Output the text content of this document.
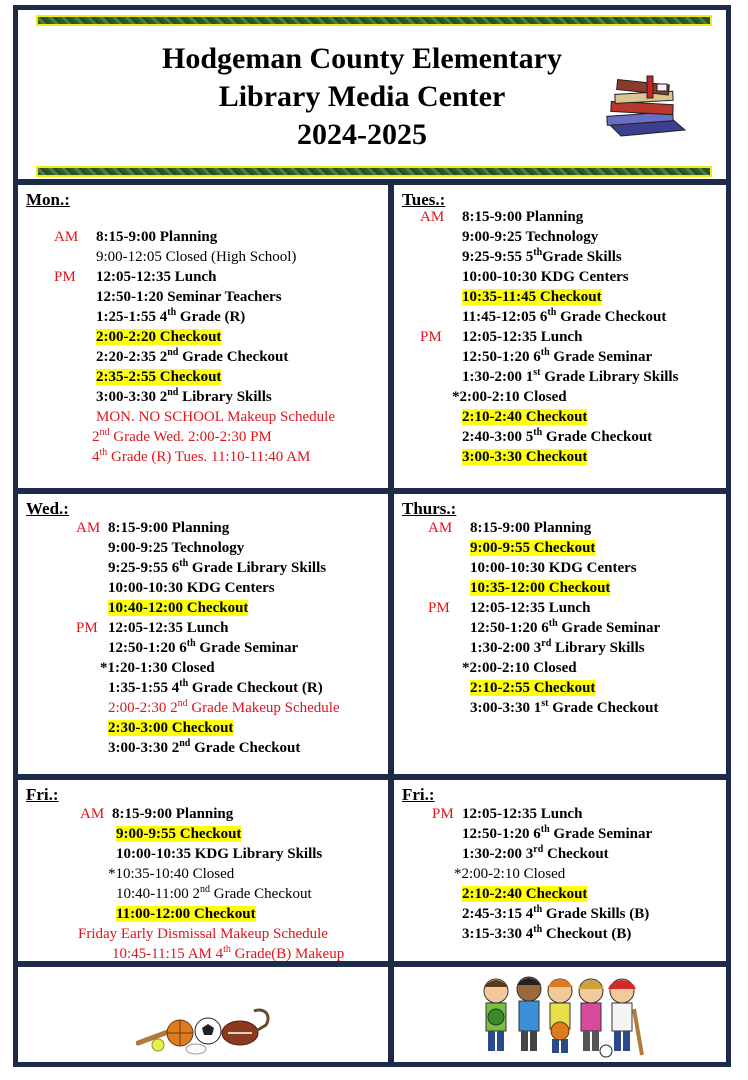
Hodgeman County Elementary
Library Media Center
2024-2025
Mon.:
AM 8:15-9:00 Planning
9:00-12:05 Closed (High School)
PM 12:05-12:35 Lunch
12:50-1:20 Seminar Teachers
1:25-1:55 4th Grade (R)
2:00-2:20 Checkout
2:20-2:35 2nd Grade Checkout
2:35-2:55 Checkout
3:00-3:30 2nd Library Skills
MON. NO SCHOOL Makeup Schedule
2nd Grade Wed. 2:00-2:30 PM
4th Grade (R) Tues. 11:10-11:40 AM
Tues.:
AM 8:15-9:00 Planning
9:00-9:25 Technology
9:25-9:55 5thGrade Skills
10:00-10:30 KDG Centers
10:35-11:45 Checkout
11:45-12:05 6th Grade Checkout
PM 12:05-12:35 Lunch
12:50-1:20 6th Grade Seminar
1:30-2:00 1st Grade Library Skills
*2:00-2:10 Closed
2:10-2:40 Checkout
2:40-3:00 5th Grade Checkout
3:00-3:30 Checkout
Wed.:
AM 8:15-9:00 Planning
9:00-9:25 Technology
9:25-9:55 6th Grade Library Skills
10:00-10:30 KDG Centers
10:40-12:00 Checkout
PM 12:05-12:35 Lunch
12:50-1:20 6th Grade Seminar
*1:20-1:30 Closed
1:35-1:55 4th Grade Checkout (R)
2:00-2:30 2nd Grade Makeup Schedule
2:30-3:00 Checkout
3:00-3:30 2nd Grade Checkout
Thurs.:
AM 8:15-9:00 Planning
9:00-9:55 Checkout
10:00-10:30 KDG Centers
10:35-12:00 Checkout
PM 12:05-12:35 Lunch
12:50-1:20 6th Grade Seminar
1:30-2:00 3rd Library Skills
*2:00-2:10 Closed
2:10-2:55 Checkout
3:00-3:30 1st Grade Checkout
Fri.:
AM 8:15-9:00 Planning
9:00-9:55 Checkout
10:00-10:35 KDG Library Skills
*10:35-10:40 Closed
10:40-11:00 2nd Grade Checkout
11:00-12:00 Checkout
Friday Early Dismissal Makeup Schedule
10:45-11:15 AM 4th Grade(B) Makeup
Fri.:
PM 12:05-12:35 Lunch
12:50-1:20 6th Grade Seminar
1:30-2:00 3rd Checkout
*2:00-2:10 Closed
2:10-2:40 Checkout
2:45-3:15 4th Grade Skills (B)
3:15-3:30 4th Checkout (B)
